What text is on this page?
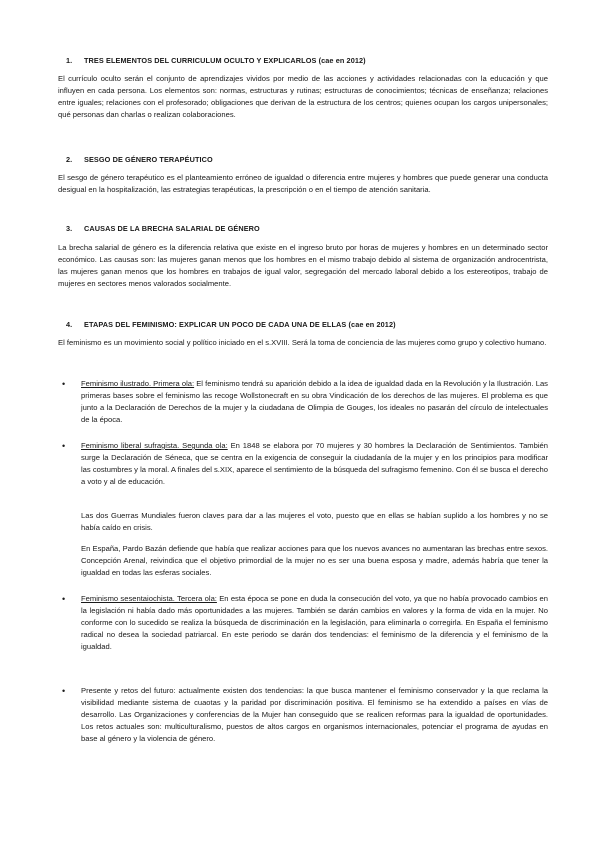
1. TRES ELEMENTOS DEL CURRICULUM OCULTO Y EXPLICARLOS (cae en 2012)
El currículo oculto serán el conjunto de aprendizajes vividos por medio de las acciones y actividades relacionadas con la educación y que influyen en cada persona. Los elementos son: normas, estructuras y rutinas; estructuras de conocimientos; técnicas de enseñanza; relaciones entre iguales; relaciones con el profesorado; obligaciones que derivan de la estructura de los centros; quienes ocupan los cargos unipersonales; qué personas dan charlas o realizan colaboraciones.
2. SESGO DE GÉNERO TERAPÉUTICO
El sesgo de género terapéutico es el planteamiento erróneo de igualdad o diferencia entre mujeres y hombres que puede generar una conducta desigual en la hospitalización, las estrategias terapéuticas, la prescripción o en el tiempo de atención sanitaria.
3. CAUSAS DE LA BRECHA SALARIAL DE GÉNERO
La brecha salarial de género es la diferencia relativa que existe en el ingreso bruto por horas de mujeres y hombres en un determinado sector económico. Las causas son: las mujeres ganan menos que los hombres en el mismo trabajo debido al sistema de organización androcentrista, las mujeres ganan menos que los hombres en trabajos de igual valor, segregación del mercado laboral debido a los estereotipos, trabajo de mujeres en sectores menos valorados socialmente.
4. ETAPAS DEL FEMINISMO: EXPLICAR UN POCO DE CADA UNA DE ELLAS (cae en 2012)
El feminismo es un movimiento social y político iniciado en el s.XVIII. Será la toma de conciencia de las mujeres como grupo y colectivo humano.
• Feminismo ilustrado. Primera ola: El feminismo tendrá su aparición debido a la idea de igualdad dada en la Revolución y la Ilustración. Las primeras bases sobre el feminismo las recoge Wollstonecraft en su obra Vindicación de los derechos de las mujeres. El problema es que junto a la Declaración de Derechos de la mujer y la ciudadana de Olimpia de Gouges, los ideales no pasarán del círculo de intelectuales de la época.
• Feminismo liberal sufragista. Segunda ola: En 1848 se elabora por 70 mujeres y 30 hombres la Declaración de Sentimientos. También surge la Declaración de Séneca, que se centra en la exigencia de conseguir la ciudadanía de la mujer y en los principios para modificar las costumbres y la moral. A finales del s.XIX, aparece el sentimiento de la búsqueda del sufragismo femenino. Con él se busca el derecho a voto y al de educación.
Las dos Guerras Mundiales fueron claves para dar a las mujeres el voto, puesto que en ellas se habían suplido a los hombres y no se había caído en crisis.
En España, Pardo Bazán defiende que había que realizar acciones para que los nuevos avances no aumentaran las brechas entre sexos. Concepción Arenal, reivindica que el objetivo primordial de la mujer no es ser una buena esposa y madre, además habría que tener la igualdad en todas las esferas sociales.
• Feminismo sesentaiochista. Tercera ola: En esta época se pone en duda la consecución del voto, ya que no había provocado cambios en la legislación ni había dado más oportunidades a las mujeres. También se darán cambios en valores y la forma de vida en la mujer. No conforme con lo sucedido se realiza la búsqueda de discriminación en la legislación, para eliminarla o corregirla. En España el feminismo radical no desea la sociedad patriarcal. En este periodo se darán dos tendencias: el feminismo de la diferencia y el feminismo de la igualdad.
• Presente y retos del futuro: actualmente existen dos tendencias: la que busca mantener el feminismo conservador y la que reclama la visibilidad mediante sistema de cuaotas y la paridad por discriminación positiva. El feminismo se ha extendido a países en vías de desarrollo. Las Organizaciones y conferencias de la Mujer han conseguido que se realicen reformas para la igualdad de oportunidades. Los retos actuales son: multiculturalismo, puestos de altos cargos en organismos internacionales, potenciar el programa de ayudas en base al género y la violencia de género.
